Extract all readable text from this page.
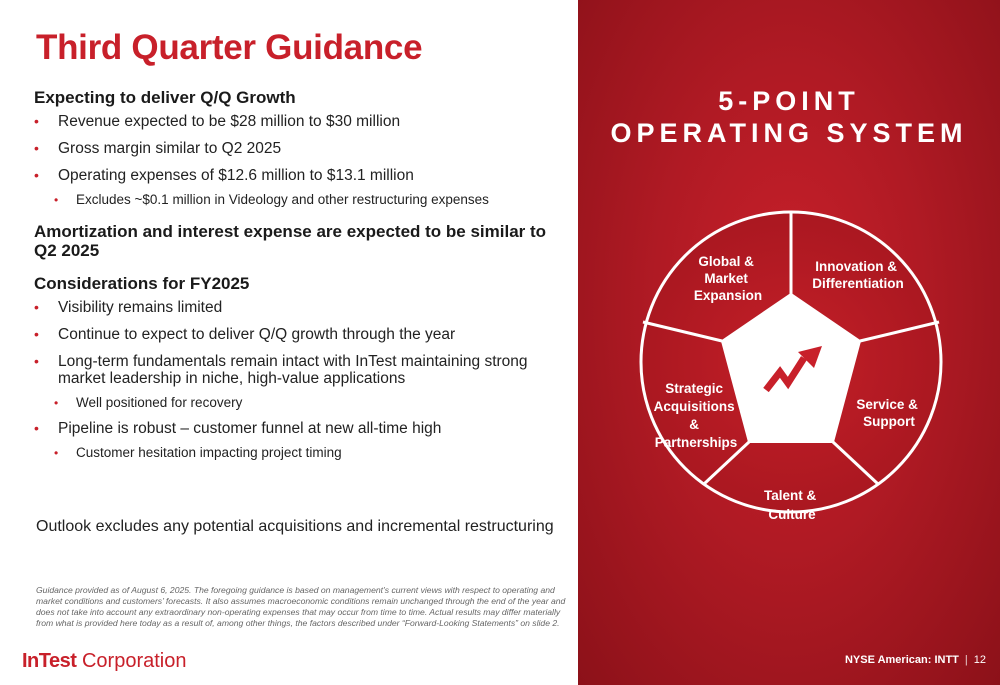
Third Quarter Guidance
Expecting to deliver Q/Q Growth
• Revenue expected to be $28 million to $30 million
• Gross margin similar to Q2 2025
• Operating expenses of $12.6 million to $13.1 million
• Excludes ~$0.1 million in Videology and other restructuring expenses
Amortization and interest expense are expected to be similar to
Q2 2025
Considerations for FY2025
• Visibility remains limited
• Continue to expect to deliver Q/Q growth through the year
• Long-term fundamentals remain intact with InTest maintaining strong
market leadership in niche, high-value applications
• Well positioned for recovery
• Pipeline is robust – customer funnel at new all-time high
• Customer hesitation impacting project timing
Outlook excludes any potential acquisitions and incremental restructuring
Guidance provided as of August 6, 2025. The foregoing guidance is based on management’s current views with respect to operating and market conditions and customers’ forecasts. It also assumes macroeconomic conditions remain unchanged through the end of the year and does not take into account any extraordinary non-operating expenses that may occur from time to time. Actual results may differ materially from what is provided here today as a result of, among other things, the factors described under “Forward-Looking Statements” on slide 2.
InTest Corporation
5-POINT
OPERATING SYSTEM
Global & Market Expansion
Innovation & Differentiation
Service & Support
Talent & Culture
Strategic Acquisitions & Partnerships
NYSE American: INTT | 12
